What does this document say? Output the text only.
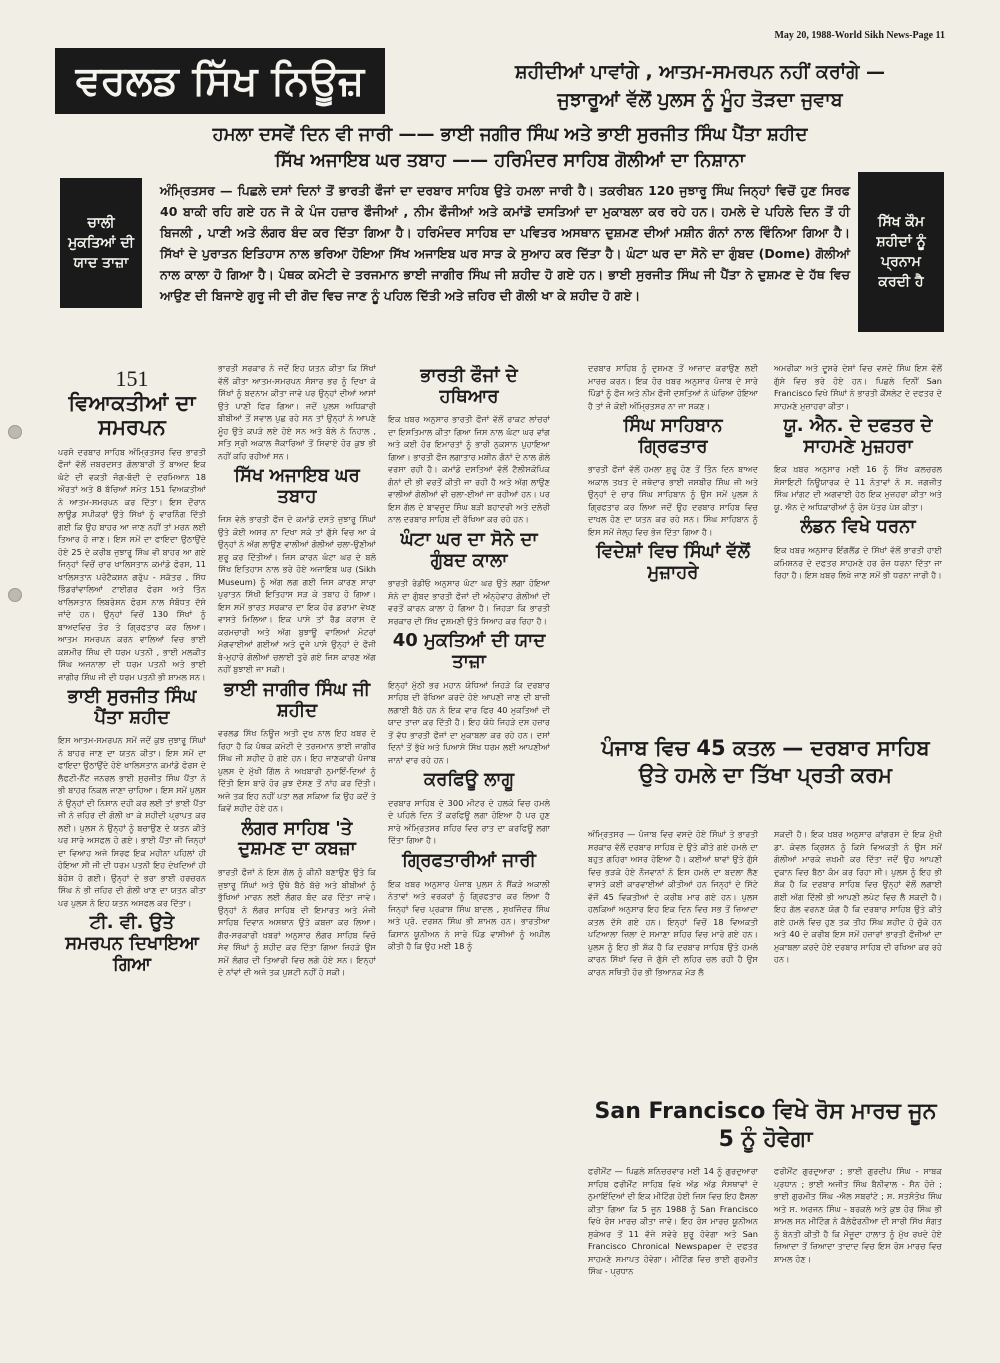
May 20, 1988-World Sikh News-Page 11
ਵਰਲਡ ਸਿੱਖ ਨਿਊਜ਼	ਸ਼ਹੀਦੀਆਂ ਪਾਵਾਂਗੇ , ਆਤਮ-ਸਮਰਪਨ ਨਹੀਂ ਕਰਾਂਗੇ —
ਜੁਝਾਰੂਆਂ ਵੱਲੋਂ ਪੁਲਸ ਨੂੰ ਮੂੰਹ ਤੋੜਦਾ ਜੁਵਾਬ
ਹਮਲਾ ਦਸਵੇਂ ਦਿਨ ਵੀ ਜਾਰੀ —— ਭਾਈ ਜਗੀਰ ਸਿੰਘ ਅਤੇ ਭਾਈ ਸੁਰਜੀਤ ਸਿੰਘ ਪੈਂਤਾ ਸ਼ਹੀਦ
ਸਿੱਖ ਅਜਾਇਬ ਘਰ ਤਬਾਹ —— ਹਰਿਮੰਦਰ ਸਾਹਿਬ ਗੋਲੀਆਂ ਦਾ ਨਿਸ਼ਾਨਾ
ਚਾਲੀ ਮੁਕਤਿਆਂ ਦੀ ਯਾਦ ਤਾਜ਼ਾ
ਸਿੱਖ ਕੌਮ ਸ਼ਹੀਦਾਂ ਨੂੰ ਪ੍ਰਨਾਮ ਕਰਦੀ ਹੈ
ਅੰਮ੍ਰਿਤਸਰ — ਪਿਛਲੇ ਦਸਾਂ ਦਿਨਾਂ ਤੋਂ ਭਾਰਤੀ ਫੌਜਾਂ ਦਾ ਦਰਬਾਰ ਸਾਹਿਬ ਉਤੇ ਹਮਲਾ ਜਾਰੀ ਹੈ। ਤਕਰੀਬਨ 120 ਜੁਝਾਰੂ ਸਿੰਘ ਜਿਨ੍ਹਾਂ ਵਿਚੋਂ ਹੁਣ ਸਿਰਫ 40 ਬਾਕੀ ਰਹਿ ਗਏ ਹਨ ਜੋ ਕੇ ਪੰਜ ਹਜ਼ਾਰ ਫੌਜੀਆਂ , ਨੀਮ ਫੌਜੀਆਂ ਅਤੇ ਕਮਾਂਡੋ ਦਸਤਿਆਂ ਦਾ ਮੁਕਾਬਲਾ ਕਰ ਰਹੇ ਹਨ। ਹਮਲੇ ਦੇ ਪਹਿਲੇ ਦਿਨ ਤੋਂ ਹੀ ਬਿਜਲੀ , ਪਾਣੀ ਅਤੇ ਲੰਗਰ ਬੰਦ ਕਰ ਦਿੱਤਾ ਗਿਆ ਹੈ। ਹਰਿਮੰਦਰ ਸਾਹਿਬ ਦਾ ਪਵਿਤਰ ਅਸਥਾਨ ਦੁਸ਼ਮਣ ਦੀਆਂ ਮਸ਼ੀਨ ਗੰਨਾਂ ਨਾਲ ਵਿੰਨਿਆ ਗਿਆ ਹੈ। ਸਿੱਖਾਂ ਦੇ ਪੁਰਾਤਨ ਇਤਿਹਾਸ ਨਾਲ ਭਰਿਆ ਹੋਇਆ ਸਿੱਖ ਅਜਾਇਬ ਘਰ ਸਾੜ ਕੇ ਸੁਆਹ ਕਰ ਦਿੱਤਾ ਹੈ। ਘੰਟਾ ਘਰ ਦਾ ਸੋਨੇ ਦਾ ਗੁੰਬਦ (Dome) ਗੋਲੀਆਂ ਨਾਲ ਕਾਲਾ ਹੋ ਗਿਆ ਹੈ। ਪੰਥਕ ਕਮੇਟੀ ਦੇ ਤਰਜਮਾਨ ਭਾਈ ਜਾਗੀਰ ਸਿੰਘ ਜੀ ਸ਼ਹੀਦ ਹੋ ਗਏ ਹਨ। ਭਾਈ ਸੁਰਜੀਤ ਸਿੰਘ ਜੀ ਪੈਂਤਾ ਨੇ ਦੁਸ਼ਮਣ ਦੇ ਹੱਥ ਵਿਚ ਆਉਣ ਦੀ ਬਿਜਾਏ ਗੁਰੂ ਜੀ ਦੀ ਗੋਦ ਵਿਚ ਜਾਣ ਨੂੰ ਪਹਿਲ ਦਿੱਤੀ ਅਤੇ ਜ਼ਹਿਰ ਦੀ ਗੋਲੀ ਖਾ ਕੇ ਸ਼ਹੀਦ ਹੋ ਗਏ।
151
ਵਿਆਕਤੀਆਂ ਦਾ ਸਮਰਪਨ

ਪਰਸੋ ਦਰਬਾਰ ਸਾਹਿਬ ਅੰਮ੍ਰਿਤਸਰ ਵਿਚ ਭਾਰਤੀ ਫੌਜਾਂ ਵੱਲੋਂ ਜ਼ਬਰਦਸਤ ਗੋਲਾਬਾਰੀ ਤੋਂ ਬਾਅਦ ਇਕ ਘੰਟੇ ਦੀ ਵਕਤੀ ਜੰਗ-ਬੰਦੀ ਦੇ ਦਰਮਿਆਨ 18 ਔਰਤਾਂ ਅਤੇ 8 ਬੱਚਿਆਂ ਸਮੇਤ 151 ਵਿਅਕਤੀਆਂ ਨੇ ਆਤਮ-ਸਮਰਪਨ ਕਰ ਦਿੱਤਾ। ਇਸ ਦੌਰਾਨ ਲਾਊਡ ਸਪੀਕਰਾਂ ਉਤੇ ਸਿੱਖਾਂ ਨੂੰ ਵਾਰਨਿੰਗ ਦਿੱਤੀ ਗਈ ਕਿ ਉਹ ਬਾਹਰ ਆ ਜਾਣ ਨਹੀਂ ਤਾਂ ਮਰਨ ਲਈ ਤਿਆਰ ਹੋ ਜਾਣ। ਇਸ ਸਮੇਂ ਦਾ ਫਾਇਦਾ ਉਠਾਉਂਦੇ ਹੋਏ 25 ਦੇ ਕਰੀਬ ਜੁਝਾਰੂ ਸਿੰਘ ਵੀ ਬਾਹਰ ਆ ਗਏ ਜਿਨ੍ਹਾਂ ਵਿਚੋਂ ਚਾਰ ਖਾਲਿਸਤਾਨ ਕਮਾਂਡੋ ਫੋਰਸ, 11 ਖਾਲਿਸਤਾਨ ਪਰੋਟੈਕਸ਼ਨ ਗਰੁੱਪ - ਸਕੱਤਰ , ਸਿੱਧ ਭਿੰਡਰਾਂਵਾਲਿਆਂ ਟਾਈਗਰ ਫੋਰਸ ਅਤੇ ਤਿੰਨ ਖਾਲਿਸਤਾਨ ਲਿਬਰੇਸ਼ਨ ਫੋਰਸ ਨਾਲ ਸੰਬੰਧਤ ਦੱਸੇ ਜਾਂਦੇ ਹਨ। ਉਨ੍ਹਾਂ ਵਿਚੋਂ 130 ਸਿੱਖਾਂ ਨੂੰ ਬਾਅਦਵਿਚ ਤੋਰ ਤੇ ਗ੍ਰਿਫਤਾਰ ਕਰ ਲਿਆ। ਆਤਮ ਸਮਰਪਨ ਕਰਨ ਵਾਲਿਆਂ ਵਿਚ ਭਾਈ ਕਸ਼ਮੀਰ ਸਿੰਘ ਦੀ ਧਰਮ ਪਤਨੀ , ਭਾਈ ਮਲਕੀਤ ਸਿੰਘ ਅਜਨਾਲਾ ਦੀ ਧਰਮ ਪਤਨੀ ਅਤੇ ਭਾਈ ਜਾਗੀਰ ਸਿੰਘ ਜੀ ਦੀ ਧਰਮ ਪਤਨੀ ਭੀ ਸ਼ਾਮਲ ਸਨ।

ਭਾਈ ਸੁਰਜੀਤ ਸਿੰਘ ਪੈਂਤਾ ਸ਼ਹੀਦ

ਇਸ ਆਤਮ-ਸਮਰਪਨ ਸਮੇਂ ਜਦੋਂ ਕੁਝ ਜੁਝਾਰੂ ਸਿੰਘਾਂ ਨੇ ਬਾਹਰ ਜਾਣ ਦਾ ਯਤਨ ਕੀਤਾ। ਇਸ ਸਮੇਂ ਦਾ ਫਾਇਦਾ ਉਠਾਉਂਦੇ ਹੋਏ ਖਾਲਿਸਤਾਨ ਕਮਾਂਡੋ ਫੋਰਸ ਦੇ ਲੈਫਟੀ-ਨੈਂਟ ਜਨਰਲ ਭਾਈ ਸੁਰਜੀਤ ਸਿੰਘ ਪੈਂਤਾ ਨੇ ਭੀ ਬਾਹਰ ਨਿਕਲ ਜਾਣਾ ਚਾਹਿਆ। ਇਸ ਸਮੇਂ ਪੁਲਸ ਨੇ ਉਨ੍ਹਾਂ ਦੀ ਨਿਸ਼ਾਨ ਦਹੀ ਕਰ ਲਈ ਤਾਂ ਭਾਈ ਪੈਂਤਾ ਜੀ ਨੇ ਜ਼ਹਿਰ ਦੀ ਗੋਲੀ ਖਾ ਕੇ ਸ਼ਹੀਦੀ ਪ੍ਰਾਪਤ ਕਰ ਲਈ। ਪੁਲਸ ਨੇ ਉਨ੍ਹਾਂ ਨੂੰ ਬਚਾਉਣ ਦੇ ਯਤਨ ਕੀਤੇ ਪਰ ਸਾਰੇ ਅਸਫਲ ਹੋ ਗਏ। ਭਾਈ ਪੈਂਤਾ ਜੀ ਜਿਨ੍ਹਾਂ ਦਾ ਵਿਆਹ ਅਜੇ ਸਿਰਫ ਇਕ ਮਹੀਨਾ ਪਹਿਲਾਂ ਹੀ ਹੋਇਆ ਸੀ ਜੀ ਦੀ ਧਰਮ ਪਤਨੀ ਇਹ ਦੇਖਦਿਆਂ ਹੀ ਬੇਹੋਸ਼ ਹੋ ਗਈ। ਉਨ੍ਹਾਂ ਦੇ ਭਰਾ ਭਾਈ ਹਰਚਰਨ ਸਿੰਘ ਨੇ ਭੀ ਜ਼ਹਿਰ ਦੀ ਗੋਲੀ ਖਾਣ ਦਾ ਯਤਨ ਕੀਤਾ ਪਰ ਪੁਲਸ ਨੇ ਇਹ ਯਤਨ ਅਸਫਲ ਕਰ ਦਿੱਤਾ।

ਟੀ. ਵੀ. ਉਤੇ ਸਮਰਪਨ ਦਿਖਾਇਆ ਗਿਆ

ਭਾਰਤੀ ਸਰਕਾਰ ਨੇ ਜਦੋਂ ਇਹ ਯਤਨ ਕੀਤਾ ਕਿ ਸਿੱਖਾਂ ਵੱਲੋਂ ਕੀਤਾ ਆਤਮ-ਸਮਰਪਨ ਸੰਸਾਰ ਭਰ ਨੂੰ ਦਿਖਾ ਕੇ ਸਿੱਖਾਂ ਨੂੰ ਬਦਨਾਮ ਕੀਤਾ ਜਾਵੇ ਪਰ ਉਨ੍ਹਾਂ ਦੀਆਂ ਆਸਾਂ ਉਤੇ ਪਾਣੀ ਫਿਰ ਗਿਆ। ਜਦੋਂ ਪੁਲਸ ਅਧਿਕਾਰੀ ਬੀਬੀਆਂ ਤੋਂ ਸਵਾਲ ਪੁਛ ਰਹੇ ਸਨ ਤਾਂ ਉਨ੍ਹਾਂ ਨੇ ਆਪਣੇ ਮੂੰਹ ਉਤੇ ਕਪੜੇ ਲਏ ਹੋਏ ਸਨ ਅਤੇ ਬੋਲੇ ਨੇ ਨਿਹਾਲ , ਸਤਿ ਸ੍ਰੀ ਅਕਾਲ ਜੈਕਾਰਿਆਂ ਤੋਂ ਸਿਵਾਏ ਹੋਰ ਕੁਝ ਭੀ ਨਹੀਂ ਕਹਿ ਰਹੀਆਂ ਸਨ।

ਸਿੱਖ ਅਜਾਇਬ ਘਰ ਤਬਾਹ

ਜਿਸ ਵੇਲੇ ਭਾਰਤੀ ਫੌਜ ਦੇ ਕਮਾਂਡੋ ਦਸਤੇ ਜੁਝਾਰੂ ਸਿੰਘਾਂ ਉਤੇ ਕੋਈ ਅਸਰ ਨਾ ਦਿਖਾ ਸਕੇ ਤਾਂ ਗੁੱਸੇ ਵਿਚ ਆ ਕੇ ਉਨ੍ਹਾਂ ਨੇ ਅੱਗ ਲਾਉਣ ਵਾਲੀਆਂ ਗੋਲੀਆਂ ਚਲਾ-ਉਣੀਆਂ ਸ਼ੁਰੂ ਕਰ ਦਿੱਤੀਆਂ। ਜਿਸ ਕਾਰਨ ਘੰਟਾ ਘਰ ਦੇ ਬਲੋ ਸਿੱਖ ਇਤਿਹਾਸ ਨਾਲ ਭਰੇ ਹੋਏ ਅਜਾਇਬ ਘਰ (Sikh Museum) ਨੂੰ ਅੱਗ ਲਗ ਗਈ ਜਿਸ ਕਾਰਣ ਸਾਰਾ ਪੁਰਾਤਨ ਸਿੱਖੀ ਇਤਿਹਾਸ ਸੜ ਕੇ ਤਬਾਹ ਹੋ ਗਿਆ। ਇਸ ਸਮੇਂ ਭਾਰਤ ਸਰਕਾਰ ਦਾ ਇਕ ਹੋਰ ਡਰਾਮਾ ਵੇਖਣ ਵਾਸਤੇ ਮਿਲਿਆ। ਇਕ ਪਾਸੇ ਤਾਂ ਰੈਡ ਕਰਾਸ ਦੇ ਕਰਮਚਾਰੀ ਅਤੇ ਅੱਗ ਬੁਝਾਊ ਵਾਲਿਆਂ ਮੋਟਰਾਂ ਮੰਗਵਾਈਆਂ ਗਈਆਂ ਅਤੇ ਦੂਜੇ ਪਾਸੇ ਉਨ੍ਹਾਂ ਦੇ ਫੌਜੀ ਬੇ-ਮੁਹਾਰੇ ਗੋਲੀਆਂ ਚਲਾਈ ਤੁਰੇ ਗਏ ਜਿਸ ਕਾਰਣ ਅੱਗ ਨਹੀਂ ਬੁਝਾਈ ਜਾ ਸਕੀ।

ਭਾਈ ਜਾਗੀਰ ਸਿੰਘ ਜੀ ਸ਼ਹੀਦ

ਵਰਲਡ ਸਿੱਖ ਨਿਊਜ਼ ਅਤੀ ਦੁਖ ਨਾਲ ਇਹ ਖ਼ਬਰ ਦੇ ਰਿਹਾ ਹੈ ਕਿ ਪੰਥਕ ਕਮੇਟੀ ਦੇ ਤਰਜਮਾਨ ਭਾਈ ਜਾਗੀਰ ਸਿੰਘ ਜੀ ਸ਼ਹੀਦ ਹੋ ਗਏ ਹਨ। ਇਹ ਜਾਣਕਾਰੀ ਪੰਜਾਬ ਪੁਲਸ ਦੇ ਮੁੱਖੀ ਗਿੱਲ ਨੇ ਅਖ਼ਬਾਰੀ ਨੁਮਾਇੰ-ਦਿਆਂ ਨੂੰ ਦਿੱਤੀ ਇਸ ਬਾਰੇ ਹੋਰ ਕੁਝ ਦੱਸਣ ਤੋਂ ਨਾਂਹ ਕਰ ਦਿੱਤੀ। ਅਜੇ ਤਕ ਇਹ ਨਹੀਂ ਪਤਾ ਲਗ ਸਕਿਆ ਕਿ ਉਹ ਕਦੋਂ ਤੇ ਕਿਵੇਂ ਸ਼ਹੀਦ ਹੋਏ ਹਨ।

ਲੰਗਰ ਸਾਹਿਬ 'ਤੇ ਦੁਸ਼ਮਣ ਦਾ ਕਬਜ਼ਾ

ਭਾਰਤੀ ਫੌਜਾਂ ਨੇ ਇਸ ਗੱਲ ਨੂੰ ਕੀਨੀ ਬਣਾਉਣ ਉਤੇ ਕਿ ਜੁਝਾਰੂ ਸਿੰਘਾਂ ਅਤੇ ਉਥੇ ਬੈਠੇ ਬੱਚੇ ਅਤੇ ਬੀਬੀਆਂ ਨੂੰ ਭੁੱਖਿਆਂ ਮਾਰਨ ਲਈ ਲੰਗਰ ਬੰਦ ਕਰ ਦਿੱਤਾ ਜਾਵੇ। ਉਨ੍ਹਾਂ ਨੇ ਲੰਗਰ ਸਾਹਿਬ ਦੀ ਇਮਾਰਤ ਅਤੇ ਮੰਜੀ ਸਾਹਿਬ ਦਿਵਾਨ ਅਸਥਾਨ ਉਤੇ ਕਬਜ਼ਾ ਕਰ ਲਿਆ। ਗੈਰ-ਸਰਕਾਰੀ ਖ਼ਬਰਾਂ ਅਨੁਸਾਰ ਲੰਗਰ ਸਾਹਿਬ ਵਿਚੋ ਸੇਵ ਸਿੰਘਾਂ ਨੂੰ ਸ਼ਹੀਦ ਕਰ ਦਿੱਤਾ ਗਿਆ ਜਿਹੜੇ ਉਸ ਸਮੇਂ ਲੰਗਰ ਦੀ ਤਿਆਰੀ ਵਿਚ ਲਗੇ ਹੋਏ ਸਨ। ਇਨ੍ਹਾਂ ਦੇ ਨਾਂਵਾਂ ਦੀ ਅਜੇ ਤਕ ਪੁਸ਼ਟੀ ਨਹੀਂ ਹੋ ਸਕੀ।

ਭਾਰਤੀ ਫੌਜਾਂ ਦੇ ਹਥਿਆਰ

ਇਕ ਖ਼ਬਰ ਅਨੁਸਾਰ ਭਾਰਤੀ ਫੌਜਾਂ ਵੱਲੋਂ ਰਾਕਟ ਲਾਂਚਰਾਂ ਦਾ ਇਸਤਿਮਾਲ ਕੀਤਾ ਗਿਆ ਜਿਸ ਨਾਲ ਘੰਟਾ ਘਰ ਵਾਂਗ ਅਤੇ ਕਈ ਹੋਰ ਇਮਾਰਤਾਂ ਨੂੰ ਭਾਰੀ ਨੁਕਸਾਨ ਪੁਹਾਇਆ ਗਿਆ। ਭਾਰਤੀ ਫੌਜ ਲਗਾਤਾਰ ਮਸ਼ੀਨ ਗੰਨਾਂ ਦੇ ਨਾਲ ਗੋਲੇ ਵਰਸਾ ਰਹੀ ਹੈ। ਕਮਾਂਡੋ ਦਸਤਿਆਂ ਵੱਲੋਂ ਟੈਲੀਸਕੋਪਿਕ ਗੰਨਾਂ ਦੀ ਭੀ ਵਰਤੋਂ ਕੀਤੀ ਜਾ ਰਹੀ ਹੈ ਅਤੇ ਅੱਗ ਲਾਉਣ ਵਾਲੀਆਂ ਗੋਲੀਆਂ ਵੀ ਚਲਾ-ਈਆਂ ਜਾ ਰਹੀਆਂ ਹਨ। ਪਰ ਇਸ ਗੱਲ ਦੇ ਬਾਵਜੂਦ ਸਿੰਘ ਬੜੀ ਬਹਾਦਰੀ ਅਤੇ ਦਲੇਰੀ ਨਾਲ ਦਰਬਾਰ ਸਾਹਿਬ ਦੀ ਰੱਖਿਆ ਕਰ ਰਹੇ ਹਨ।

ਘੰਟਾ ਘਰ ਦਾ ਸੋਨੇ ਦਾ ਗੁੰਬਦ ਕਾਲਾ

ਭਾਰਤੀ ਰੇਡੀਓ ਅਨੁਸਾਰ ਘੰਟਾ ਘਰ ਉਤੇ ਲਗਾ ਹੋਇਆ ਸੋਨੇ ਦਾ ਗੁੰਬਦ ਭਾਰਤੀ ਫੌਜਾਂ ਦੀ ਅੰਨ੍ਹੇਵਾਹ ਗੋਲੀਆਂ ਦੀ ਵਰਤੋਂ ਕਾਰਨ ਕਾਲਾ ਹੋ ਗਿਆ ਹੈ। ਜਿਹੜਾ ਕਿ ਭਾਰਤੀ ਸਰਕਾਰ ਦੀ ਸਿੱਖ ਦੁਸ਼ਮਣੀ ਉਤੇ ਸਿਆਹ ਕਰ ਰਿਹਾ ਹੈ।

40 ਮੁਕਤਿਆਂ ਦੀ ਯਾਦ ਤਾਜ਼ਾ

ਇਨ੍ਹਾਂ ਮੁੱਠੀ ਭਰ ਮਹਾਨ ਯੋਧਿਆਂ ਜਿਹੜੇ ਕਿ ਦਰਬਾਰ ਸਾਹਿਬ ਦੀ ਰੱਖਿਆ ਕਰਦੇ ਹੋਏ ਆਪਣੀ ਜਾਣ ਦੀ ਬਾਜ਼ੀ ਲਗਾਈ ਬੈਠੇ ਹਨ ਨੇ ਇਕ ਵਾਰ ਫਿਰ 40 ਮੁਕਤਿਆਂ ਦੀ ਯਾਦ ਤਾਜ਼ਾ ਕਰ ਦਿੱਤੀ ਹੈ। ਇਹ ਯੋਧੇ ਜਿਹੜੇ ਦਸ ਹਜ਼ਾਰ ਤੋਂ ਵੱਧ ਭਾਰਤੀ ਫੌਜਾਂ ਦਾ ਮੁਕਾਬਲਾ ਕਰ ਰਹੇ ਹਨ। ਦਸਾਂ ਦਿਨਾਂ ਤੋਂ ਭੁੱਖੇ ਅਤੇ ਪਿਆਸੇ ਸਿੱਖ ਧਰਮ ਲਈ ਆਪਣੀਆਂ ਜਾਨਾਂ ਵਾਰ ਰਹੇ ਹਨ।

ਕਰਫਿਊ ਲਾਗੂ

ਦਰਬਾਰ ਸਾਹਿਬ ਦੇ 300 ਮੀਟਰ ਦੇ ਹਲਕੇ ਵਿਚ ਹਮਲੇ ਦੇ ਪਹਿਲੇ ਦਿਨ ਤੋਂ ਕਰਫਿਊ ਲਗਾ ਹੋਇਆ ਹੈ ਪਰ ਹੁਣ ਸਾਰੇ ਅੰਮ੍ਰਿਤਸਰ ਸ਼ਹਿਰ ਵਿਚ ਰਾਤ ਦਾ ਕਰਫਿਊ ਲਗਾ ਦਿੱਤਾ ਗਿਆ ਹੈ।

ਗ੍ਰਿਫਤਾਰੀਆਂ ਜਾਰੀ

ਇਕ ਖ਼ਬਰ ਅਨੁਸਾਰ ਪੰਜਾਬ ਪੁਲਸ ਨੇ ਸੈਂਕੜੇ ਅਕਾਲੀ ਨੇਤਾਵਾਂ ਅਤੇ ਵਰਕਰਾਂ ਨੂੰ ਗ੍ਰਿਫਤਾਰ ਕਰ ਲਿਆ ਹੈ ਜਿਨ੍ਹਾਂ ਵਿਚ ਪ੍ਰਕਾਸ਼ ਸਿੰਘ ਬਾਦਲ , ਸੁਖਜਿੰਦਰ ਸਿੰਘ ਅਤੇ ਪ੍ਰੋ. ਦਰਸ਼ਨ ਸਿੰਘ ਭੀ ਸ਼ਾਮਲ ਹਨ। ਭਾਰਤੀਆ ਕਿਸਾਨ ਯੂਨੀਅਨ ਨੇ ਸਾਰੇ ਪਿੰਡ ਵਾਸੀਆਂ ਨੂੰ ਅਪੀਲ ਕੀਤੀ ਹੈ ਕਿ ਉਹ ਮਈ 18 ਨੂੰ

ਦਰਬਾਰ ਸਾਹਿਬ ਨੂੰ ਦੁਸ਼ਮਣ ਤੋਂ ਆਜ਼ਾਦ ਕਰਾਉਣ ਲਈ ਮਾਰਚ ਕਰਨ। ਇਕ ਹੋਰ ਖ਼ਬਰ ਅਨੁਸਾਰ ਪੰਜਾਬ ਦੇ ਸਾਰੇ ਪਿੰਡਾਂ ਨੂੰ ਫੌਜ ਅਤੇ ਨੀਮ ਫੌਜੀ ਦਸਤਿਆਂ ਨੇ ਘੇਰਿਆ ਹੋਇਆ ਹੈ ਤਾਂ ਜੋ ਕੋਈ ਅੰਮ੍ਰਿਤਸਰ ਨਾ ਜਾ ਸਕਣ।

ਸਿੰਘ ਸਾਹਿਬਾਨ ਗ੍ਰਿਫਤਾਰ

ਭਾਰਤੀ ਫੌਜਾਂ ਵੱਲੋਂ ਹਮਲਾ ਸ਼ੁਰੂ ਹੋਣ ਤੋਂ ਤਿੰਨ ਦਿਨ ਬਾਅਦ ਅਕਾਲ ਤਖ਼ਤ ਦੇ ਜਥੇਦਾਰ ਭਾਈ ਜਸਬੀਰ ਸਿੰਘ ਜੀ ਅਤੇ ਉਨ੍ਹਾਂ ਦੇ ਚਾਰ ਸਿੰਘ ਸਾਹਿਬਾਨ ਨੂੰ ਉਸ ਸਮੇਂ ਪੁਲਸ ਨੇ ਗ੍ਰਿਫਤਾਰ ਕਰ ਲਿਆ ਜਦੋਂ ਉਹ ਦਰਬਾਰ ਸਾਹਿਬ ਵਿਚ ਦਾਖ਼ਲ ਹੋਣ ਦਾ ਯਤਨ ਕਰ ਰਹੇ ਸਨ। ਸਿੰਘ ਸਾਹਿਬਾਨ ਨੂੰ ਇਸ ਸਮੇਂ ਜੇਲ੍ਹ ਵਿਚ ਭੇਜ ਦਿੱਤਾ ਗਿਆ ਹੈ।

ਵਿਦੇਸ਼ਾਂ ਵਿਚ ਸਿੰਘਾਂ ਵੱਲੋਂ ਮੁਜ਼ਾਹਰੇ

ਅਮਰੀਕਾ ਅਤੇ ਦੂਸਰੇ ਦੇਸ਼ਾਂ ਵਿਚ ਵਸਦੇ ਸਿੰਘ ਇਸ ਵੱਲੋਂ ਗੁੱਸੇ ਵਿਚ ਭਰੇ ਹੋਏ ਹਨ। ਪਿਛਲੇ ਦਿਨੀਂ San Francisco ਵਿਖੇ ਸਿੰਘਾਂ ਨੇ ਭਾਰਤੀ ਕੌਂਸਲੇਟ ਦੇ ਦਫਤਰ ਦੇ ਸਾਹਮਣੇ ਮੁਜ਼ਾਹਰਾ ਕੀਤਾ।

ਯੂ. ਐਨ. ਦੇ ਦਫਤਰ ਦੇ ਸਾਹਮਣੇ ਮੁਜ਼ਹਰਾ

ਇਕ ਖ਼ਬਰ ਅਨੁਸਾਰ ਮਈ 16 ਨੂੰ ਸਿੱਖ ਕਲਚਰਲ ਸੋਸਾਇਟੀ ਨਿਊਯਾਰਕ ਦੇ 11 ਨੇਤਾਵਾਂ ਨੇ ਸ. ਜਗਜੀਤ ਸਿੰਘ ਮਾਂਗਟ ਦੀ ਅਗਵਾਈ ਹੇਠ ਇਕ ਮੁਜ਼ਹਰਾ ਕੀਤਾ ਅਤੇ ਯੂ. ਐਨ ਦੇ ਅਧਿਕਾਰੀਆਂ ਨੂੰ ਰੋਸ ਪੱਤਰ ਪੇਸ਼ ਕੀਤਾ।

ਲੰਡਨ ਵਿਖੇ ਧਰਨਾ

ਇਕ ਖ਼ਬਰ ਅਨੁਸਾਰ ਇੰਗਲੈਂਡ ਦੇ ਸਿੱਖਾਂ ਵੱਲੋਂ ਭਾਰਤੀ ਹਾਈ ਕਮਿਸ਼ਨਰ ਦੇ ਦਫਤਰ ਸਾਹਮਣੇ ਹਰ ਰੋਜ਼ ਧਰਨਾ ਦਿੱਤਾ ਜਾ ਰਿਹਾ ਹੈ। ਇਸ ਖ਼ਬਰ ਲਿਖੇ ਜਾਣ ਸਮੇਂ ਭੀ ਧਰਨਾ ਜਾਰੀ ਹੈ।

ਪੰਜਾਬ ਵਿਚ 45 ਕਤਲ — ਦਰਬਾਰ ਸਾਹਿਬ ਉਤੇ ਹਮਲੇ ਦਾ ਤਿੱਖਾ ਪ੍ਰਤੀ ਕਰਮ

ਅੰਮ੍ਰਿਤਸਰ — ਪੰਜਾਬ ਵਿਚ ਵਸਦੇ ਹੋਏ ਸਿੰਘਾਂ ਤੇ ਭਾਰਤੀ ਸਰਕਾਰ ਵੱਲੋਂ ਦਰਬਾਰ ਸਾਹਿਬ ਦੇ ਉਤੇ ਕੀਤੇ ਗਏ ਹਮਲੇ ਦਾ ਬਹੁਤ ਗਹਿਰਾ ਅਸਰ ਹੋਇਆ ਹੈ। ਕਈਆਂ ਥਾਵਾਂ ਉਤੇ ਗੁੱਸੇ ਵਿਚ ਭੜਕੇ ਹੋਏ ਨੌਜਵਾਨਾਂ ਨੇ ਇਸ ਹਮਲੇ ਦਾ ਬਦਲਾ ਲੈਣ ਵਾਸਤੇ ਕਈ ਕਾਰਵਾਈਆਂ ਕੀਤੀਆਂ ਹਨ ਜਿਨ੍ਹਾਂ ਦੇ ਸਿੱਟੇ ਵੱਜੋਂ 45 ਵਿਕਤੀਆਂ ਦੇ ਕਰੀਬ ਮਾਰ ਗਏ ਹਨ। ਪੁਲਸ ਹਲਕਿਆਂ ਅਨੁਸਾਰ ਇਹ ਇਕ ਦਿਨ ਵਿਚ ਸਭ ਤੋਂ ਜ਼ਿਆਦਾ ਕਤਲ ਦੱਸੇ ਗਏ ਹਨ। ਇਨ੍ਹਾਂ ਵਿਚੋਂ 18 ਵਿਅਕਤੀ ਪਟਿਆਲਾ ਜ਼ਿਲਾ ਦੇ ਸਮਾਣਾ ਸ਼ਹਿਰ ਵਿਚ ਮਾਰੇ ਗਏ ਹਨ। ਪੁਲਸ ਨੂੰ ਇਹ ਭੀ ਸ਼ੱਕ ਹੈ ਕਿ ਦਰਬਾਰ ਸਾਹਿਬ ਉਤੇ ਹਮਲੇ ਕਾਰਨ ਸਿੱਖਾਂ ਵਿਚ ਜੋ ਗੁੱਸੇ ਦੀ ਲਹਿਰ ਚਲ ਰਹੀ ਹੈ ਉਸ ਕਾਰਨ ਸਥਿਤੀ ਹੋਰ ਭੀ ਭਿਆਨਕ ਮੋੜ ਲੈ

ਸਕਦੀ ਹੈ। ਇਕ ਖ਼ਬਰ ਅਨੁਸਾਰ ਕਾਂਗਰਸ ਦੇ ਇਕ ਮੁੱਖੀ ਡਾ. ਕੇਵਲ ਕ੍ਰਿਸ਼ਨ ਨੂੰ ਕਿਸੇ ਵਿਅਕਤੀ ਨੇ ਉਸ ਸਮੇਂ ਗੋਲੀਆਂ ਮਾਰਕੇ ਜ਼ਖ਼ਮੀ ਕਰ ਦਿੱਤਾ ਜਦੋਂ ਉਹ ਆਪਣੀ ਦੁਕਾਨ ਵਿਚ ਬੈਠਾ ਕੰਮ ਕਰ ਰਿਹਾ ਸੀ। ਪੁਲਸ ਨੂੰ ਇਹ ਭੀ ਸ਼ੱਕ ਹੈ ਕਿ ਦਰਬਾਰ ਸਾਹਿਬ ਵਿਚ ਉਨ੍ਹਾਂ ਵੱਲੋਂ ਲਗਾਈ ਗਈ ਅੱਗ ਦਿੱਲੀ ਭੀ ਆਪਣੀ ਲਪੇਟ ਵਿਚ ਲੈ ਸਕਦੀ ਹੈ। ਇਹ ਗੱਲ ਵਰਨਣ ਯੋਗ ਹੈ ਕਿ ਦਰਬਾਰ ਸਾਹਿਬ ਉਤੇ ਕੀਤੇ ਗਏ ਹਮਲੇ ਵਿਚ ਹੁਣ ਤਕ ਤੀਹ ਸਿੰਘ ਸ਼ਹੀਦ ਹੋ ਚੁੱਕੇ ਹਨ ਅਤੇ 40 ਦੇ ਕਰੀਬ ਇਸ ਸਮੇਂ ਹਜ਼ਾਰਾਂ ਭਾਰਤੀ ਫੌਜੀਆਂ ਦਾ ਮੁਕਾਬਲਾ ਕਰਦੇ ਹੋਏ ਦਰਬਾਰ ਸਾਹਿਬ ਦੀ ਰਖਿਆ ਕਰ ਰਹੇ ਹਨ।

San Francisco ਵਿਖੇ ਰੋਸ ਮਾਰਚ ਜੂਨ 5 ਨੂੰ ਹੋਵੇਗਾ

ਫਰੀਮੌਂਟ — ਪਿਛਲੇ ਸ਼ਨਿਚਰਵਾਰ ਮਈ 14 ਨੂੰ ਗੁਰਦੁਆਰਾ ਸਾਹਿਬ ਫਰੀਮੌਂਟ ਸਾਹਿਬ ਵਿਖੇ ਅੱਡ ਅੱਡ ਸੰਸਥਾਵਾਂ ਦੇ ਨੁਮਾਇੰਦਿਆਂ ਦੀ ਇਕ ਮੀਟਿੰਗ ਹੋਈ ਜਿਸ ਵਿਚ ਇਹ ਫੈਸਲਾ ਕੀਤਾ ਗਿਆ ਕਿ 5 ਜੂਨ 1988 ਨੂੰ San Francisco ਵਿਖੇ ਰੋਸ ਮਾਰਚ ਕੀਤਾ ਜਾਵੇ। ਇਹ ਰੋਸ ਮਾਰਚ ਯੂਨੀਅਨ ਸੁਕੇਅਰ ਤੋਂ 11 ਵੱਜੇ ਸਵੇਰੇ ਸ਼ੁਰੂ ਹੋਵੇਗਾ ਅਤੇ San Francisco Chronical Newspaper ਦੇ ਦਫਤਰ ਸਾਹਮਣੇ ਸਮਾਪਤ ਹੋਵੇਗਾ। ਮੀਟਿੰਗ ਵਿਚ ਭਾਈ ਗੁਰਮੀਤ ਸਿੰਘ - ਪ੍ਰਧਾਨ

ਫਰੀਮੌਂਟ ਗੁਰਦੁਆਰਾ ; ਭਾਈ ਗੁਰਦੀਪ ਸਿੰਘ - ਸਾਬਕ ਪ੍ਰਧਾਨ ; ਭਾਈ ਅਜੀਤ ਸਿੰਘ ਬੈਨੀਵਾਲ - ਸੈਨ ਹੋਜ਼ੇ ; ਭਾਈ ਗੁਰਮੀਤ ਸਿੰਘ -ਐਲ ਸਬਰਾਂਟੇ ; ਸ. ਸਤਸੰਤੋਖ ਸਿੰਘ ਅਤੇ ਸ. ਅਰਜਨ ਸਿੰਘ - ਬਰਕਲੇ ਅਤੇ ਕੁਝ ਹੋਰ ਸਿੰਘ ਭੀ ਸ਼ਾਮਲ ਸਨ ਮੀਟਿੰਗ ਨੇ ਕੈਲੇਫੋਰਨੀਆ ਦੀ ਸਾਰੀ ਸਿੱਖ ਸੰਗਤ ਨੂੰ ਬੇਨਤੀ ਕੀਤੀ ਹੈ ਕਿ ਮੌਜੂਦਾ ਹਾਲਾਤ ਨੂੰ ਮੁੱਖ ਰਖਦੇ ਹੋਏ ਜ਼ਿਆਦਾ ਤੋਂ ਜ਼ਿਆਦਾ ਤਾਦਾਦ ਵਿਚ ਇਸ ਰੋਸ ਮਾਰਚ ਵਿਚ ਸ਼ਾਮਲ ਹੋਣ।
